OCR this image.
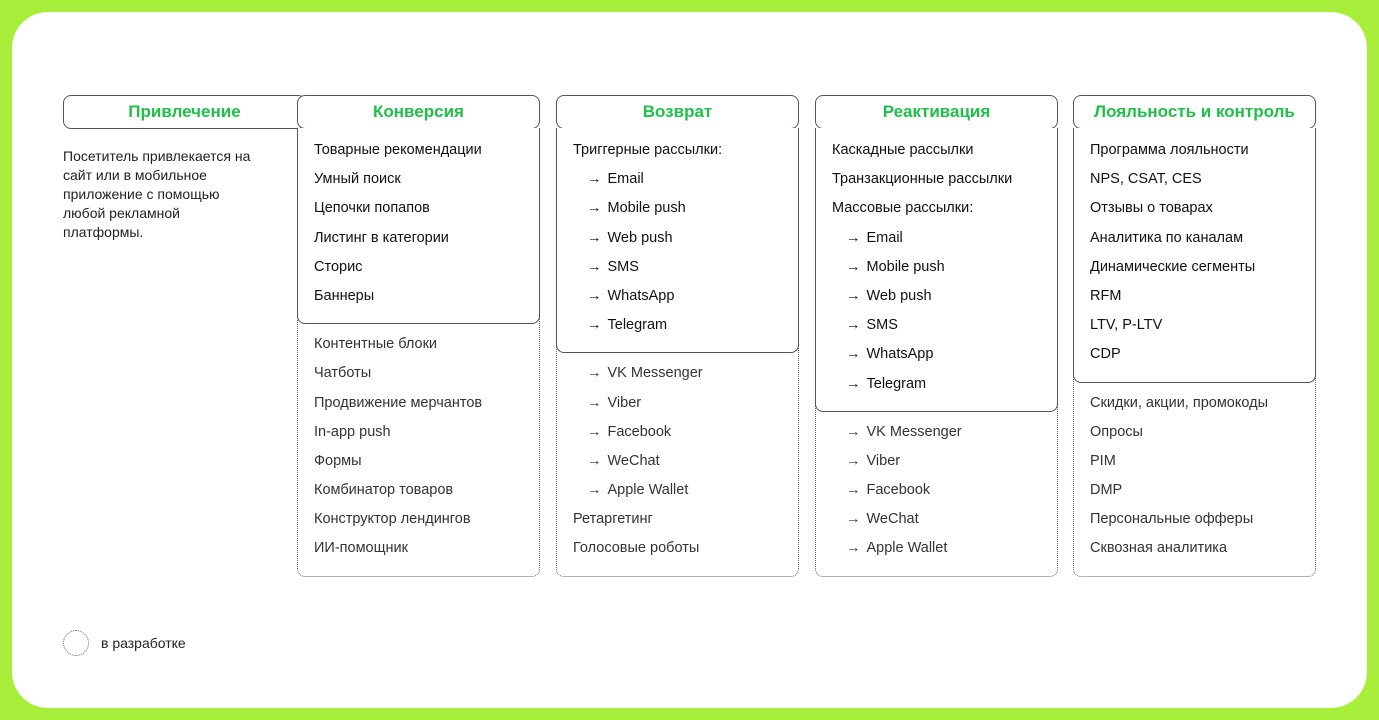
Привлечение
Посетитель привлекается на сайт или в мобильное приложение с помощью любой рекламной платформы.
Конверсия
Товарные рекомендации
Умный поиск
Цепочки попапов
Листинг в категории
Сторис
Баннеры
Контентные блоки
Чатботы
Продвижение мерчантов
In-app push
Формы
Комбинатор товаров
Конструктор лендингов
ИИ-помощник
Возврат
Триггерные рассылки:
→ Email
→ Mobile push
→ Web push
→ SMS
→ WhatsApp
→ Telegram
→ VK Messenger
→ Viber
→ Facebook
→ WeChat
→ Apple Wallet
Ретаргетинг
Голосовые роботы
Реактивация
Каскадные рассылки
Транзакционные рассылки
Массовые рассылки:
→ Email
→ Mobile push
→ Web push
→ SMS
→ WhatsApp
→ Telegram
→ VK Messenger
→ Viber
→ Facebook
→ WeChat
→ Apple Wallet
Лояльность и контроль
Программа лояльности
NPS, CSAT, CES
Отзывы о товарах
Аналитика по каналам
Динамические сегменты
RFM
LTV, P-LTV
CDP
Скидки, акции, промокоды
Опросы
PIM
DMP
Персональные офферы
Сквозная аналитика
в разработке
